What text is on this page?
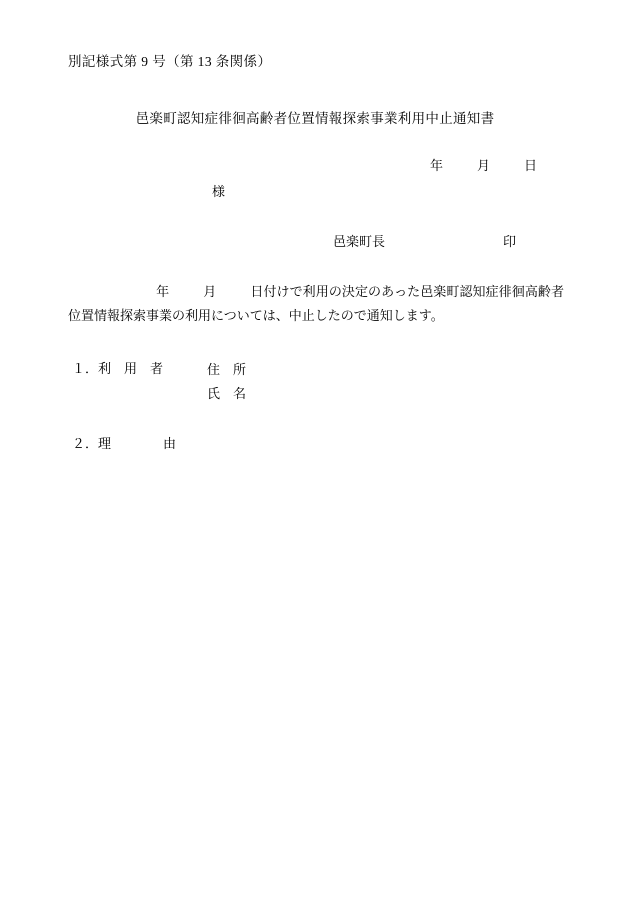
別記様式第 9 号（第 13 条関係）
邑楽町認知症徘徊高齢者位置情報探索事業利用中止通知書
年	月	日
様
邑楽町長	印
年	月	日付けで利用の決定のあった邑楽町認知症徘徊高齢者位置情報探索事業の利用については、中止したので通知します。
１．利　用　者	住　所
氏　名
２．理　　　　由
